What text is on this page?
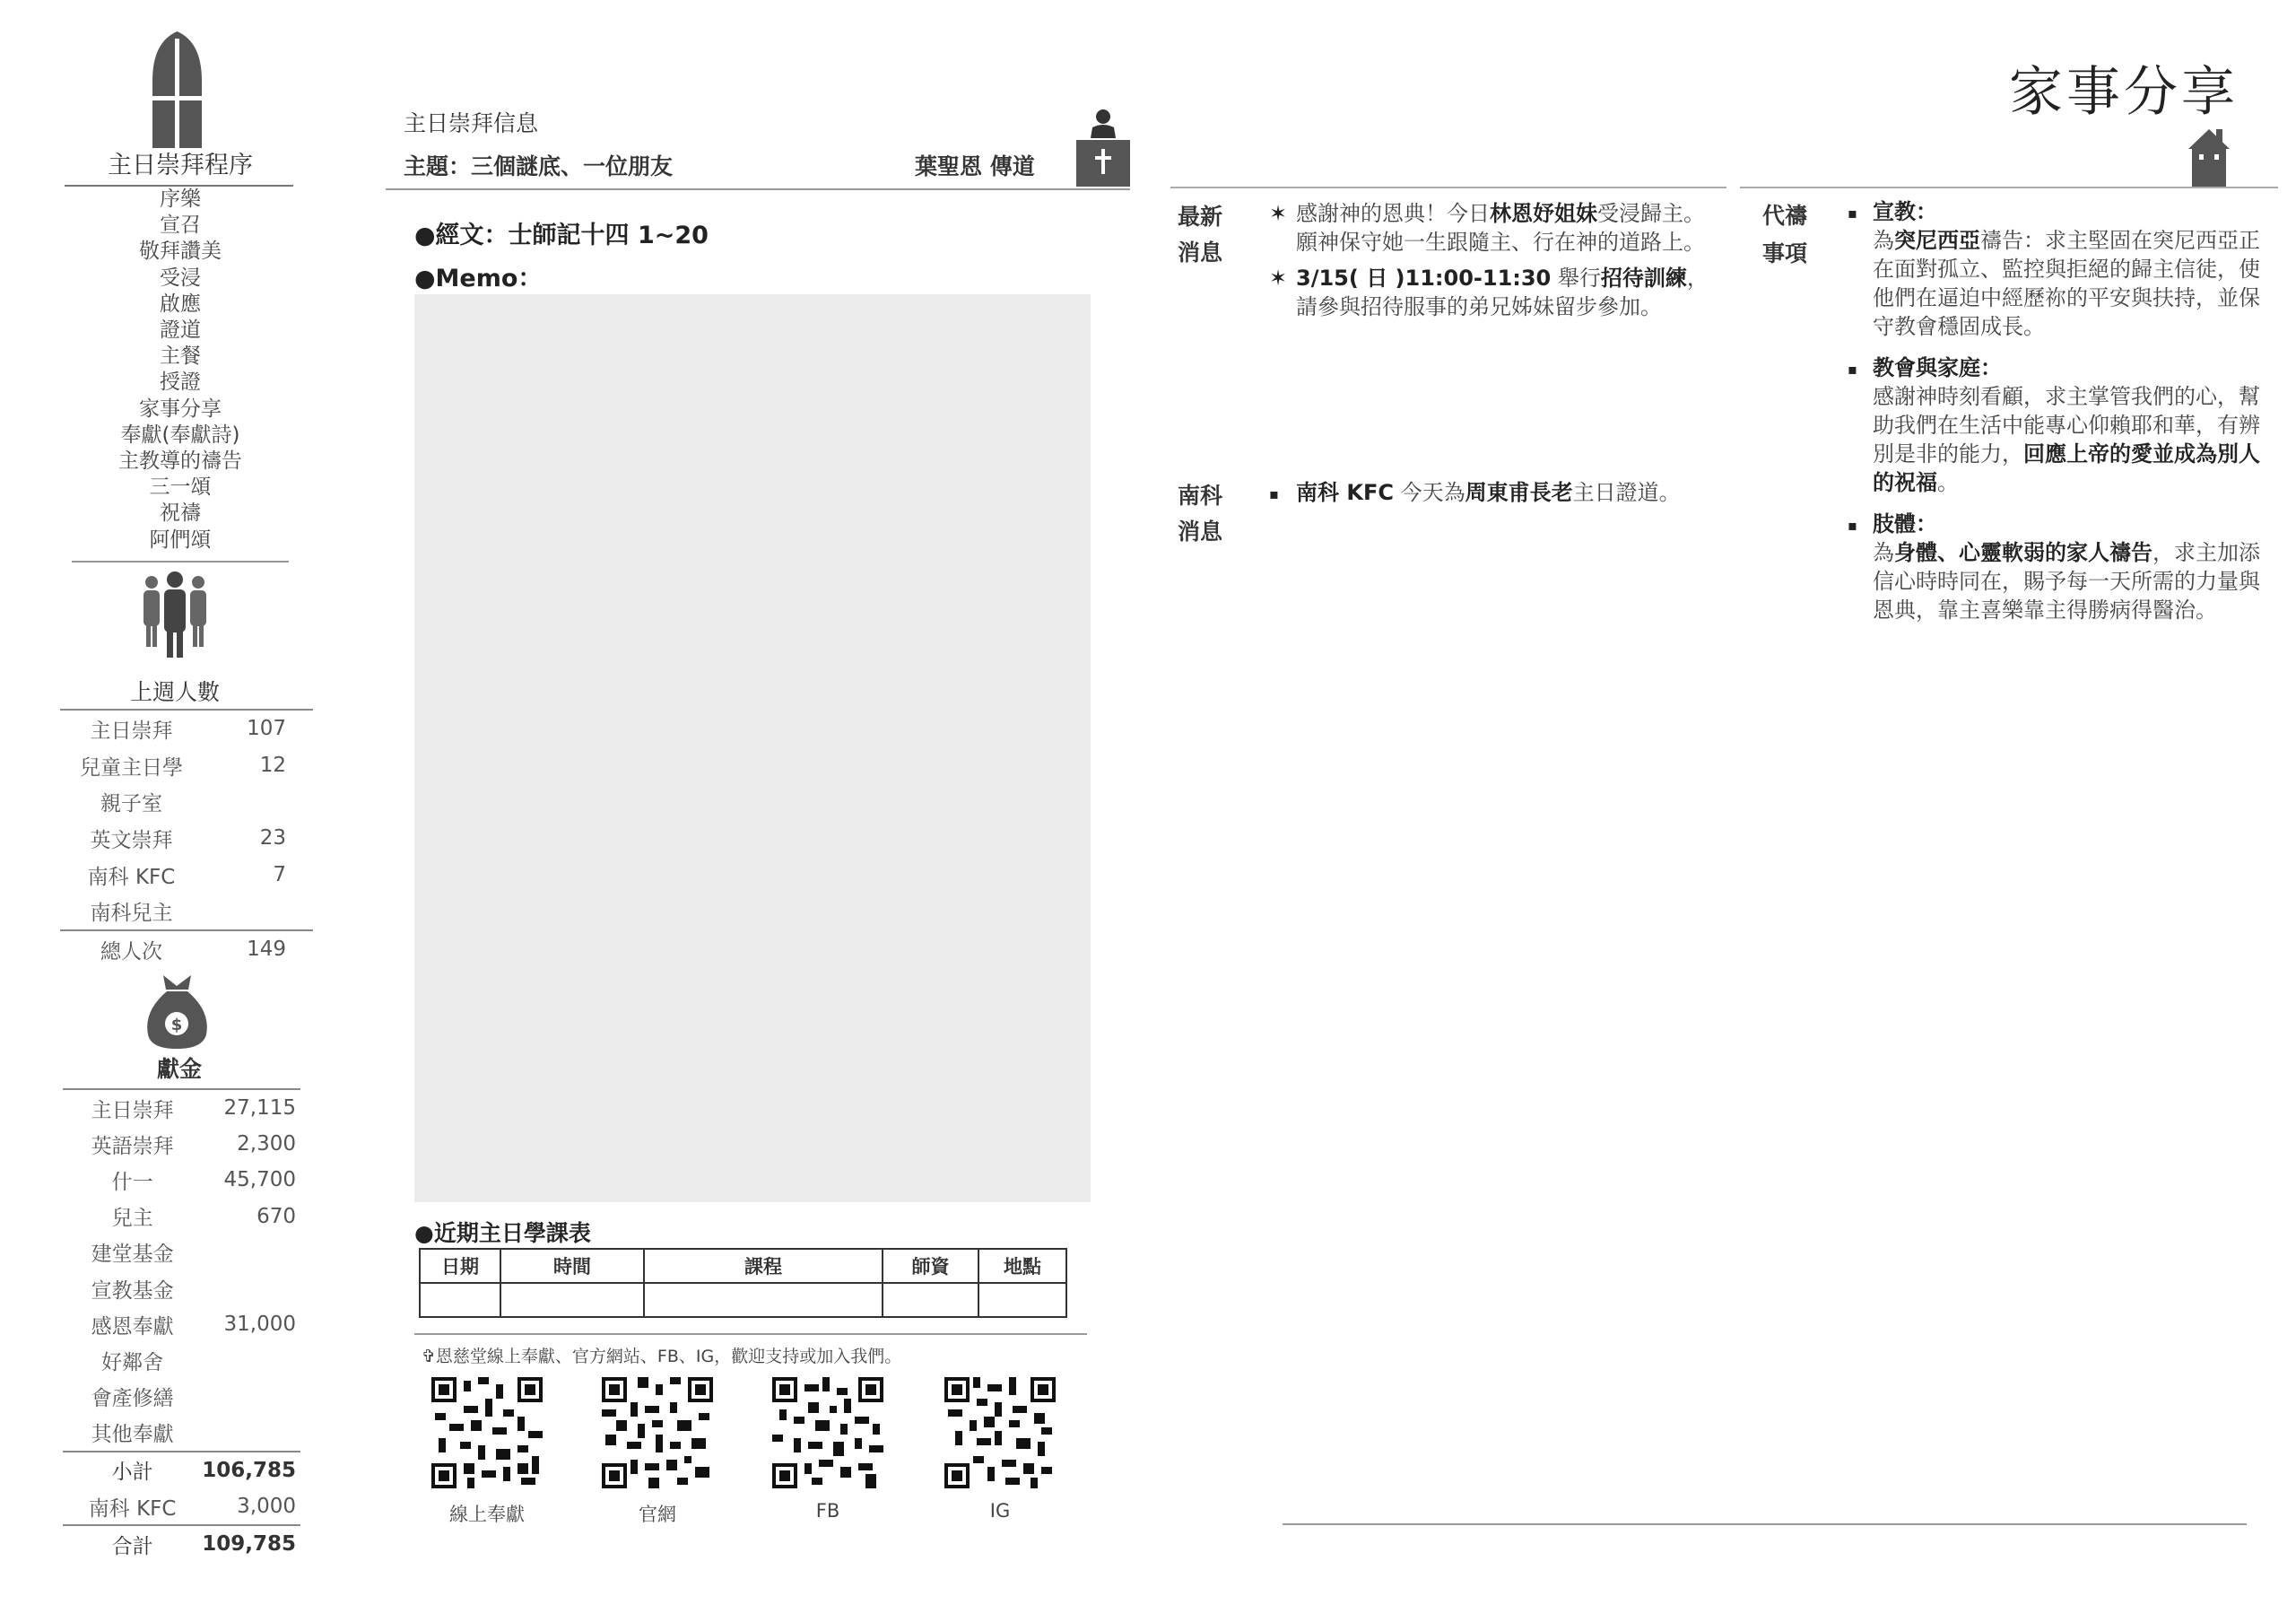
主日崇拜程序
序樂
宣召
敬拜讚美
受浸
啟應
證道
主餐
授證
家事分享
奉獻(奉獻詩)
主教導的禱告
三一頌
祝禱
阿們頌
上週人數
主日崇拜	107
兒童主日學	12
親子室	
英文崇拜	23
南科 KFC	7
南科兒主	
總人次	149
$
獻金
主日崇拜	27,115
英語崇拜	2,300
什一	45,700
兒主	670
建堂基金	
宣教基金	
感恩奉獻	31,000
好鄰舍	
會產修繕	
其他奉獻	
小計	106,785
南科 KFC	3,000
合計	109,785
主日崇拜信息
主題：三個謎底、一位朋友	葉聖恩 傳道
●經文：士師記十四 1~20
●Memo：
●近期主日學課表
日期	時間	課程	師資	地點

✞恩慈堂線上奉獻、官方網站、FB、IG，歡迎支持或加入我們。
線上奉獻	官網	FB	IG
最新
消息
✶ 感謝神的恩典！今日林恩妤姐妹受浸歸主。願神保守她一生跟隨主、行在神的道路上。
✶ 3/15( 日 )11:00-11:30 舉行招待訓練，請參與招待服事的弟兄姊妹留步參加。
南科
消息
▪ 南科 KFC 今天為周東甫長老主日證道。
家事分享
代禱
事項
▪ 宣教：
為突尼西亞禱告：求主堅固在突尼西亞正在面對孤立、監控與拒絕的歸主信徒，使他們在逼迫中經歷祢的平安與扶持，並保守教會穩固成長。
▪ 教會與家庭：
感謝神時刻看顧，求主掌管我們的心，幫助我們在生活中能專心仰賴耶和華，有辨別是非的能力，回應上帝的愛並成為別人的祝福。
▪ 肢體：
為身體、心靈軟弱的家人禱告，求主加添信心時時同在，賜予每一天所需的力量與恩典，靠主喜樂靠主得勝病得醫治。
